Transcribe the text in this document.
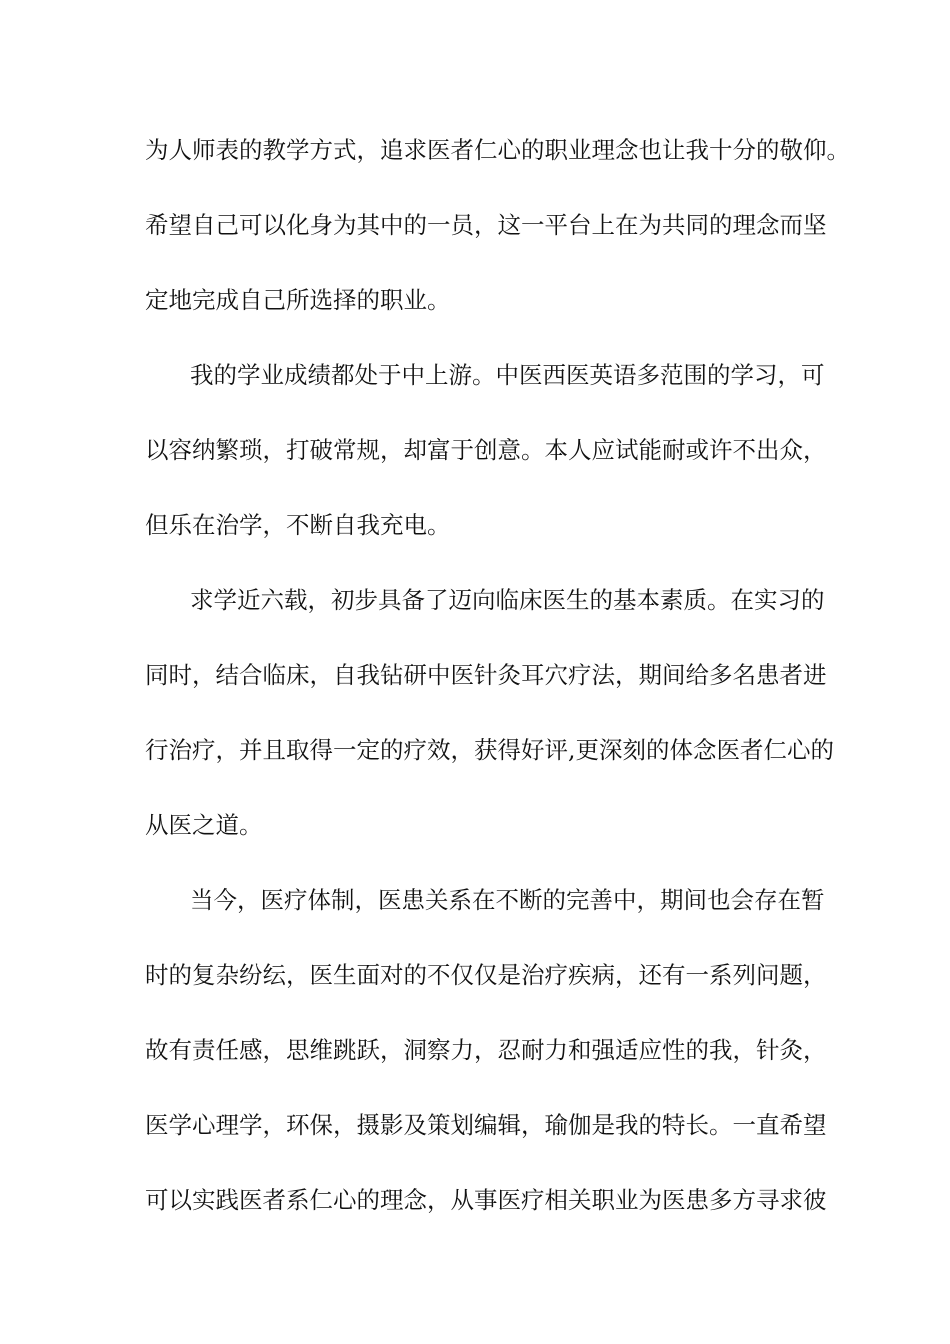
为人师表的教学方式，追求医者仁心的职业理念也让我十分的敬仰。
希望自己可以化身为其中的一员，这一平台上在为共同的理念而坚
定地完成自己所选择的职业。
我的学业成绩都处于中上游。中医西医英语多范围的学习，可
以容纳繁琐，打破常规，却富于创意。本人应试能耐或许不出众，
但乐在治学，不断自我充电。
求学近六载，初步具备了迈向临床医生的基本素质。在实习的
同时，结合临床，自我钻研中医针灸耳穴疗法，期间给多名患者进
行治疗，并且取得一定的疗效，获得好评,更深刻的体念医者仁心的
从医之道。
当今，医疗体制，医患关系在不断的完善中，期间也会存在暂
时的复杂纷纭，医生面对的不仅仅是治疗疾病，还有一系列问题，
故有责任感，思维跳跃，洞察力，忍耐力和强适应性的我，针灸，
医学心理学，环保，摄影及策划编辑，瑜伽是我的特长。一直希望
可以实践医者系仁心的理念，从事医疗相关职业为医患多方寻求彼
